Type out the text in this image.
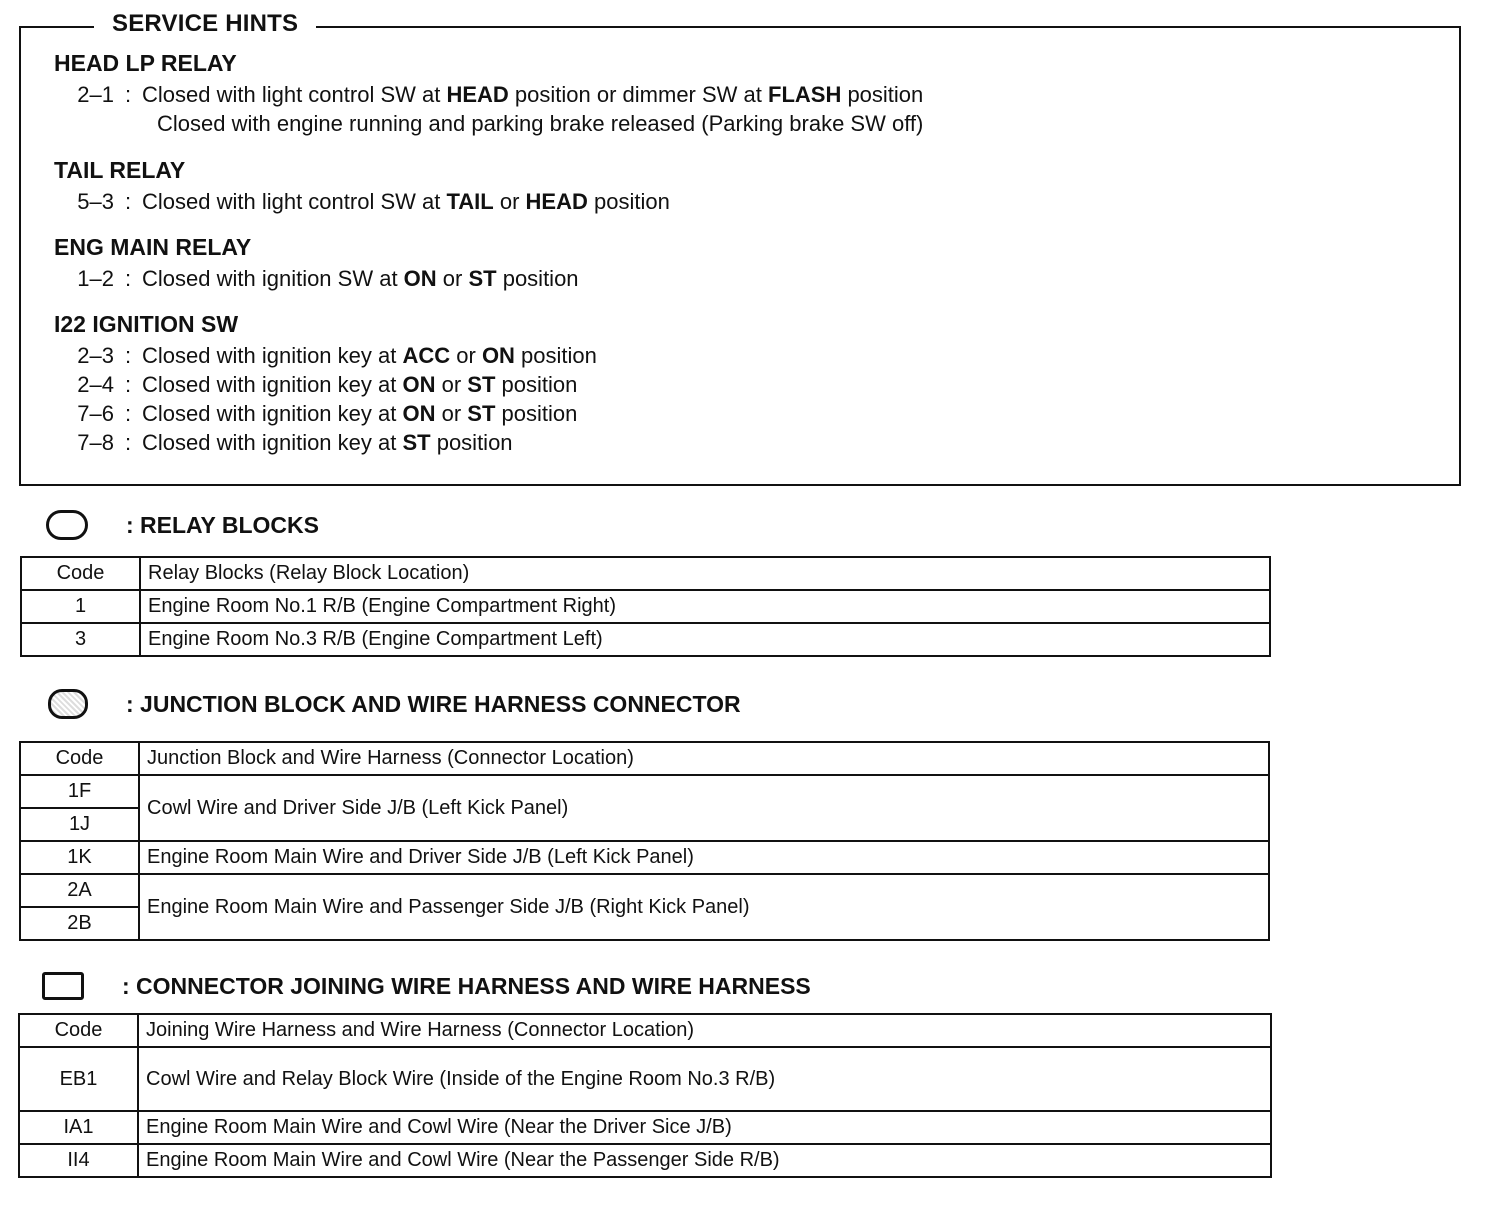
SERVICE HINTS
HEAD LP RELAY
2–1 : Closed with light control SW at HEAD position or dimmer SW at FLASH position
Closed with engine running and parking brake released (Parking brake SW off)
TAIL RELAY
5–3 : Closed with light control SW at TAIL or HEAD position
ENG MAIN RELAY
1–2 : Closed with ignition SW at ON or ST position
I22 IGNITION SW
2–3 : Closed with ignition key at ACC or ON position
2–4 : Closed with ignition key at ON or ST position
7–6 : Closed with ignition key at ON or ST position
7–8 : Closed with ignition key at ST position
: RELAY BLOCKS
Code	Relay Blocks (Relay Block Location)
1	Engine Room No.1 R/B (Engine Compartment Right)
3	Engine Room No.3 R/B (Engine Compartment Left)
: JUNCTION BLOCK AND WIRE HARNESS CONNECTOR
Code	Junction Block and Wire Harness (Connector Location)
1F	Cowl Wire and Driver Side J/B (Left Kick Panel)
1J	
1K	Engine Room Main Wire and Driver Side J/B (Left Kick Panel)
2A	Engine Room Main Wire and Passenger Side J/B (Right Kick Panel)
2B	
: CONNECTOR JOINING WIRE HARNESS AND WIRE HARNESS
Code	Joining Wire Harness and Wire Harness (Connector Location)
EB1	Cowl Wire and Relay Block Wire (Inside of the Engine Room No.3 R/B)
IA1	Engine Room Main Wire and Cowl Wire (Near the Driver Sice J/B)
II4	Engine Room Main Wire and Cowl Wire (Near the Passenger Side R/B)
